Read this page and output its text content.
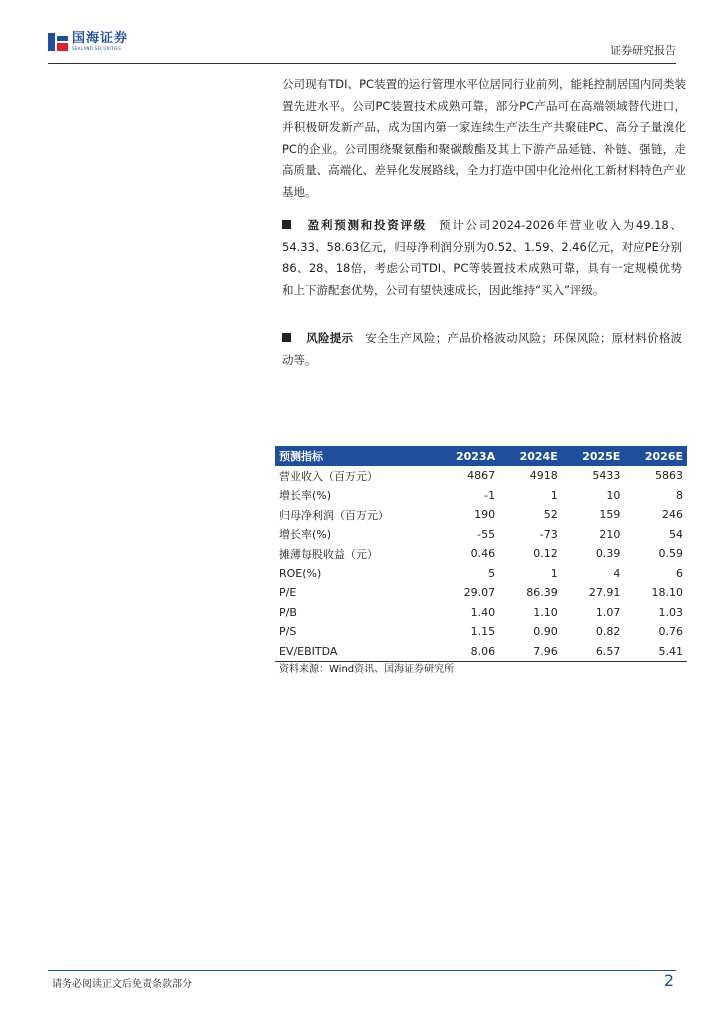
国海证券
SEALAND SECURITIES	证券研究报告
公司现有TDI、PC装置的运行管理水平位居同行业前列，能耗控制居国内同类装置先进水平。公司PC装置技术成熟可靠，部分PC产品可在高端领域替代进口，并积极研发新产品，成为国内第一家连续生产法生产共聚硅PC、高分子量溴化PC的企业。公司围绕聚氨酯和聚碳酸酯及其上下游产品延链、补链、强链，走高质量、高端化、差异化发展路线，全力打造中国中化沧州化工新材料特色产业基地。
盈利预测和投资评级 预计公司2024-2026年营业收入为49.18、54.33、58.63亿元，归母净利润分别为0.52、1.59、2.46亿元，对应PE分别86、28、18倍，考虑公司TDI、PC等装置技术成熟可靠，具有一定规模优势和上下游配套优势，公司有望快速成长，因此维持“买入”评级。
风险提示 安全生产风险；产品价格波动风险；环保风险；原材料价格波动等。
预测指标	2023A	2024E	2025E	2026E
营业收入（百万元）	4867	4918	5433	5863
增长率(%)	-1	1	10	8
归母净利润（百万元）	190	52	159	246
增长率(%)	-55	-73	210	54
摊薄每股收益（元）	0.46	0.12	0.39	0.59
ROE(%)	5	1	4	6
P/E	29.07	86.39	27.91	18.10
P/B	1.40	1.10	1.07	1.03
P/S	1.15	0.90	0.82	0.76
EV/EBITDA	8.06	7.96	6.57	5.41
资料来源：Wind资讯、国海证券研究所
请务必阅读正文后免责条款部分	2
